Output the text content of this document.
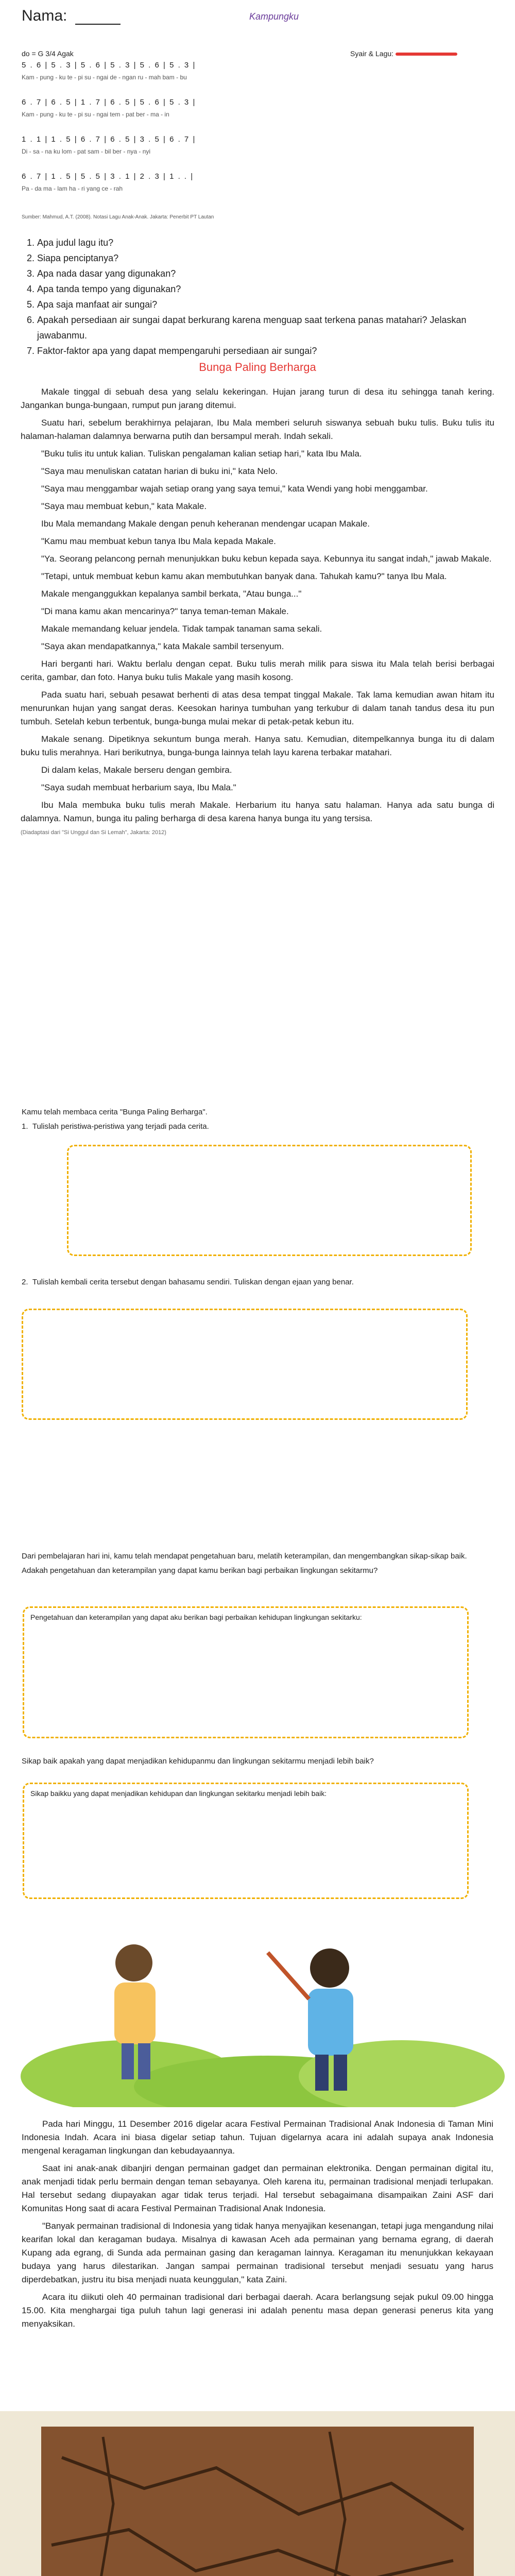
Nama:	Kampungku
do = G 3/4 Agak	Syair & Lagu:
5 . 6 | 5 . 3 | 5 . 6 | 5 . 3 | 5 . 6 | 5 . 3 |
Kam - pung - ku te - pi su - ngai de - ngan ru - mah bam - bu
6 . 7 | 6 . 5 | 1 . 7 | 6 . 5 | 5 . 6 | 5 . 3 |
Kam - pung - ku te - pi su - ngai tem - pat ber - ma - in
1 . 1 | 1 . 5 | 6 . 7 | 6 . 5 | 3 . 5 | 6 . 7 |
Di - sa - na ku lom - pat sam - bil ber - nya - nyi
6 . 7 | 1 . 5 | 5 . 5 | 3 . 1 | 2 . 3 | 1 . . |
Pa - da ma - lam ha - ri yang ce - rah
Sumber: Mahmud, A.T. (2008). Notasi Lagu Anak-Anak. Jakarta: Penerbit PT Lautan
1. Apa judul lagu itu?
2. Siapa penciptanya?
3. Apa nada dasar yang digunakan?
4. Apa tanda tempo yang digunakan?
5. Apa saja manfaat air sungai?
6. Apakah persediaan air sungai dapat berkurang karena menguap saat terkena panas matahari? Jelaskan jawabanmu.
7. Faktor-faktor apa yang dapat mempengaruhi persediaan air sungai?
Bunga Paling Berharga

Makale tinggal di sebuah desa yang selalu kekeringan. Hujan jarang turun di desa itu sehingga tanah kering. Jangankan bunga-bungaan, rumput pun jarang ditemui.

Suatu hari, sebelum berakhirnya pelajaran, Ibu Mala memberi seluruh siswanya sebuah buku tulis. Buku tulis itu halaman-halaman dalamnya berwarna putih dan bersampul merah. Indah sekali.

"Buku tulis itu untuk kalian. Tuliskan pengalaman kalian setiap hari," kata Ibu Mala.

"Saya mau menuliskan catatan harian di buku ini," kata Nelo.

"Saya mau menggambar wajah setiap orang yang saya temui," kata Wendi yang hobi menggambar.

"Saya mau membuat kebun," kata Makale.

Ibu Mala memandang Makale dengan penuh keheranan mendengar ucapan Makale.

"Kamu mau membuat kebun tanya Ibu Mala kepada Makale.

"Ya. Seorang pelancong pernah menunjukkan buku kebun kepada saya. Kebunnya itu sangat indah," jawab Makale.

"Tetapi, untuk membuat kebun kamu akan membutuhkan banyak dana. Tahukah kamu?" tanya Ibu Mala.

Makale menganggukkan kepalanya sambil berkata, "Atau bunga..."

"Di mana kamu akan mencarinya?" tanya teman-teman Makale.

Makale memandang keluar jendela. Tidak tampak tanaman sama sekali.

"Saya akan mendapatkannya," kata Makale sambil tersenyum.

Hari berganti hari. Waktu berlalu dengan cepat. Buku tulis merah milik para siswa itu Mala telah berisi berbagai cerita, gambar, dan foto. Hanya buku tulis Makale yang masih kosong.

Pada suatu hari, sebuah pesawat berhenti di atas desa tempat tinggal Makale. Tak lama kemudian awan hitam itu menurunkan hujan yang sangat deras. Keesokan harinya tumbuhan yang terkubur di dalam tanah tandus desa itu pun tumbuh. Setelah kebun terbentuk, bunga-bunga mulai mekar di petak-petak kebun itu.

Makale senang. Dipetiknya sekuntum bunga merah. Hanya satu. Kemudian, ditempelkannya bunga itu di dalam buku tulis merahnya. Hari berikutnya, bunga-bunga lainnya telah layu karena terbakar matahari.

Di dalam kelas, Makale berseru dengan gembira.

"Saya sudah membuat herbarium saya, Ibu Mala."

Ibu Mala membuka buku tulis merah Makale. Herbarium itu hanya satu halaman. Hanya ada satu bunga di dalamnya. Namun, bunga itu paling berharga di desa karena hanya bunga itu yang tersisa.

(Diadaptasi dari "Si Unggul dan Si Lemah", Jakarta: 2012)
Kamu telah membaca cerita "Bunga Paling Berharga".
1.  Tulislah peristiwa-peristiwa yang terjadi pada cerita.
2.  Tulislah kembali cerita tersebut dengan bahasamu sendiri. Tuliskan dengan ejaan yang benar.
Dari pembelajaran hari ini, kamu telah mendapat pengetahuan baru, melatih keterampilan, dan mengembangkan sikap-sikap baik.
Adakah pengetahuan dan keterampilan yang dapat kamu berikan bagi perbaikan lingkungan sekitarmu?
Pengetahuan dan keterampilan yang dapat aku berikan bagi perbaikan kehidupan lingkungan sekitarku:
Sikap baik apakah yang dapat menjadikan kehidupanmu dan lingkungan sekitarmu menjadi lebih baik?
Sikap baikku yang dapat menjadikan kehidupan dan lingkungan sekitarku menjadi lebih baik:

Pada hari Minggu, 11 Desember 2016 digelar acara Festival Permainan Tradisional Anak Indonesia di Taman Mini Indonesia Indah. Acara ini biasa digelar setiap tahun. Tujuan digelarnya acara ini adalah supaya anak Indonesia mengenal keragaman lingkungan dan kebudayaannya.

Saat ini anak-anak dibanjiri dengan permainan gadget dan permainan elektronika. Dengan permainan digital itu, anak menjadi tidak perlu bermain dengan teman sebayanya. Oleh karena itu, permainan tradisional menjadi terlupakan. Hal tersebut sedang diupayakan agar tidak terus terjadi. Hal tersebut sebagaimana disampaikan Zaini ASF dari Komunitas Hong saat di acara Festival Permainan Tradisional Anak Indonesia.

"Banyak permainan tradisional di Indonesia yang tidak hanya menyajikan kesenangan, tetapi juga mengandung nilai kearifan lokal dan keragaman budaya. Misalnya di kawasan Aceh ada permainan yang bernama egrang, di daerah Kupang ada egrang, di Sunda ada permainan gasing dan keragaman lainnya. Keragaman itu menunjukkan kekayaan budaya yang harus dilestarikan. Jangan sampai permainan tradisional tersebut menjadi sesuatu yang harus diperdebatkan, justru itu bisa menjadi nuata keunggulan," kata Zaini.

Acara itu diikuti oleh 40 permainan tradisional dari berbagai daerah. Acara berlangsung sejak pukul 09.00 hingga 15.00. Kita menghargai tiga puluh tahun lagi generasi ini adalah penentu masa depan generasi penerus kita yang menyaksikan.
